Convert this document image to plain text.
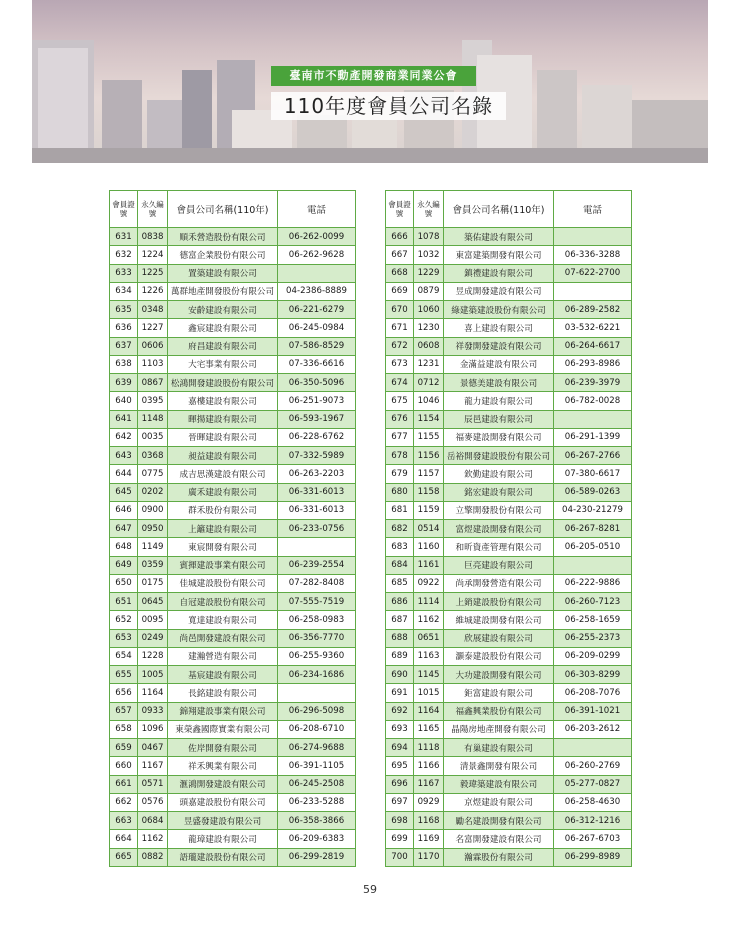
臺南市不動產開發商業同業公會
110年度會員公司名錄
會員證號	永久編號	會員公司名稱(110年)	電話
631	0838	順禾營造股份有限公司	06-262-0099
632	1224	德富企業股份有限公司	06-262-9628
633	1225	置築建設有限公司	
634	1226	萬群地產開發股份有限公司	04-2386-8889
635	0348	安齡建設有限公司	06-221-6279
636	1227	鑫宸建設有限公司	06-245-0984
637	0606	府昌建設有限公司	07-586-8529
638	1103	大宅事業有限公司	07-336-6616
639	0867	松鴻開發建設股份有限公司	06-350-5096
640	0395	嘉樓建設有限公司	06-251-9073
641	1148	暉揚建設有限公司	06-593-1967
642	0035	晉暉建設有限公司	06-228-6762
643	0368	昶益建設有限公司	07-332-5989
644	0775	成吉思漢建設有限公司	06-263-2203
645	0202	廣禾建設有限公司	06-331-6013
646	0900	群禾股份有限公司	06-331-6013
647	0950	上籬建設有限公司	06-233-0756
648	1149	東宸開發有限公司	
649	0359	賓揮建設事業有限公司	06-239-2554
650	0175	佳城建設股份有限公司	07-282-8408
651	0645	自冠建設股份有限公司	07-555-7519
652	0095	寬達建設有限公司	06-258-0983
653	0249	尚邑開發建設有限公司	06-356-7770
654	1228	建瀚營造有限公司	06-255-9360
655	1005	基宸建設有限公司	06-234-1686
656	1164	長銘建設有限公司	
657	0933	錦翔建設事業有限公司	06-296-5098
658	1096	東榮鑫國際實業有限公司	06-208-6710
659	0467	佐岸開發有限公司	06-274-9688
660	1167	祥禾興業有限公司	06-391-1105
661	0571	滙鴻開發建設有限公司	06-245-2508
662	0576	頭嘉建設股份有限公司	06-233-5288
663	0684	昱盛發建設有限公司	06-358-3866
664	1162	龍璋建設有限公司	06-209-6383
665	0882	語瓏建設股份有限公司	06-299-2819
會員證號	永久編號	會員公司名稱(110年)	電話
666	1078	築佑建設有限公司	
667	1032	東富建築開發有限公司	06-336-3288
668	1229	鎮禮建設有限公司	07-622-2700
669	0879	昱成開發建設有限公司	
670	1060	綠建築建設股份有限公司	06-289-2582
671	1230	喜上建設有限公司	03-532-6221
672	0608	祥發開發建設有限公司	06-264-6617
673	1231	金滿益建設有限公司	06-293-8986
674	0712	景德美建設有限公司	06-239-3979
675	1046	龍力建設有限公司	06-782-0028
676	1154	辰邑建設有限公司	
677	1155	福麥建設開發有限公司	06-291-1399
678	1156	岳裕開發建設股份有限公司	06-267-2766
679	1157	欽勤建設有限公司	07-380-6617
680	1158	銘宏建設有限公司	06-589-0263
681	1159	立擎開發股份有限公司	04-230-21279
682	0514	富煜建設開發有限公司	06-267-8281
683	1160	和昕資產管理有限公司	06-205-0510
684	1161	巨亮建設有限公司	
685	0922	尚承開發營造有限公司	06-222-9886
686	1114	上銷建設股份有限公司	06-260-7123
687	1162	維城建設開發有限公司	06-258-1659
688	0651	欣展建設有限公司	06-255-2373
689	1163	灝泰建設股份有限公司	06-209-0299
690	1145	大功建設開發有限公司	06-303-8299
691	1015	鉅富建設有限公司	06-208-7076
692	1164	福鑫興業股份有限公司	06-391-1021
693	1165	晶陽房地產開發有限公司	06-203-2612
694	1118	有巢建設有限公司	
695	1166	清景鑫開發有限公司	06-260-2769
696	1167	毅瑋築建設有限公司	05-277-0827
697	0929	京煜建設有限公司	06-258-4630
698	1168	勵名建設開發有限公司	06-312-1216
699	1169	名富開發建設有限公司	06-267-6703
700	1170	瀚霖股份有限公司	06-299-8989
59
